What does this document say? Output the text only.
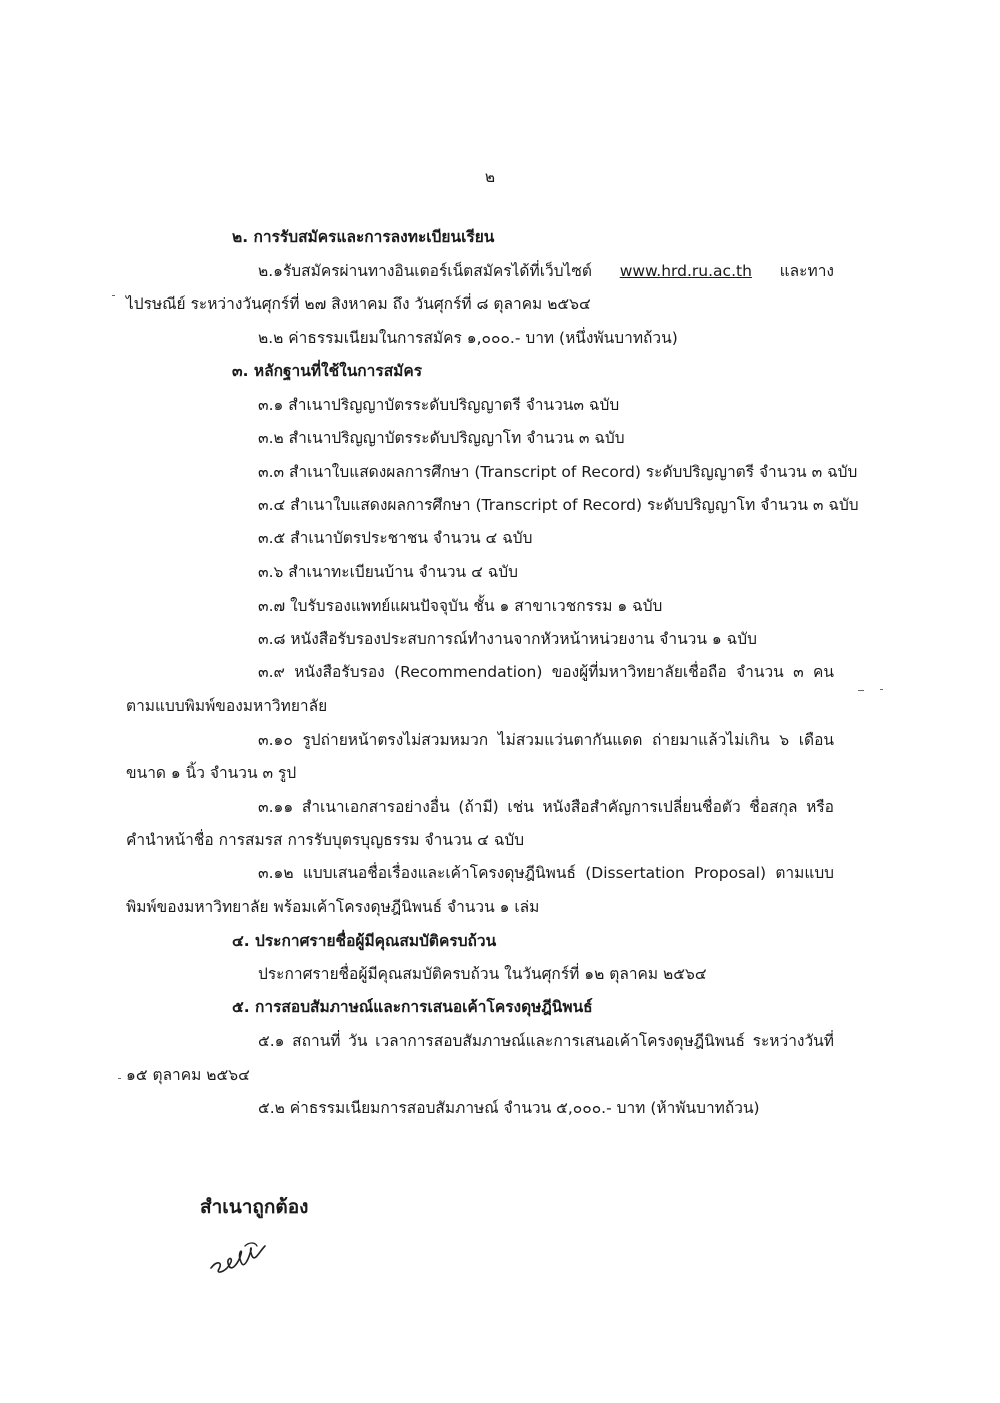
๒
๒. การรับสมัครและการลงทะเบียนเรียน
๒.๑รับสมัครผ่านทางอินเตอร์เน็ตสมัครได้ที่เว็บไซต์ www.hrd.ru.ac.th และทาง
ไปรษณีย์ ระหว่างวันศุกร์ที่ ๒๗ สิงหาคม ถึง วันศุกร์ที่ ๘ ตุลาคม ๒๕๖๔
๒.๒ ค่าธรรมเนียมในการสมัคร ๑,๐๐๐.- บาท (หนึ่งพันบาทถ้วน)
๓. หลักฐานที่ใช้ในการสมัคร
๓.๑ สำเนาปริญญาบัตรระดับปริญญาตรี จำนวน๓ ฉบับ
๓.๒ สำเนาปริญญาบัตรระดับปริญญาโท จำนวน ๓ ฉบับ
๓.๓ สำเนาใบแสดงผลการศึกษา (Transcript of Record) ระดับปริญญาตรี จำนวน ๓ ฉบับ
๓.๔ สำเนาใบแสดงผลการศึกษา (Transcript of Record) ระดับปริญญาโท จำนวน ๓ ฉบับ
๓.๕ สำเนาบัตรประชาชน จำนวน ๔ ฉบับ
๓.๖ สำเนาทะเบียนบ้าน จำนวน ๔ ฉบับ
๓.๗ ใบรับรองแพทย์แผนปัจจุบัน ชั้น ๑ สาขาเวชกรรม ๑ ฉบับ
๓.๘ หนังสือรับรองประสบการณ์ทำงานจากหัวหน้าหน่วยงาน จำนวน ๑ ฉบับ
๓.๙ หนังสือรับรอง (Recommendation) ของผู้ที่มหาวิทยาลัยเชื่อถือ จำนวน ๓ คน
ตามแบบพิมพ์ของมหาวิทยาลัย
๓.๑๐ รูปถ่ายหน้าตรงไม่สวมหมวก ไม่สวมแว่นตากันแดด ถ่ายมาแล้วไม่เกิน ๖ เดือน
ขนาด ๑ นิ้ว จำนวน ๓ รูป
๓.๑๑ สำเนาเอกสารอย่างอื่น (ถ้ามี) เช่น หนังสือสำคัญการเปลี่ยนชื่อตัว ชื่อสกุล หรือ
คำนำหน้าชื่อ การสมรส การรับบุตรบุญธรรม จำนวน ๔ ฉบับ
๓.๑๒ แบบเสนอชื่อเรื่องและเค้าโครงดุษฎีนิพนธ์ (Dissertation Proposal) ตามแบบ
พิมพ์ของมหาวิทยาลัย พร้อมเค้าโครงดุษฎีนิพนธ์ จำนวน ๑ เล่ม
๔. ประกาศรายชื่อผู้มีคุณสมบัติครบถ้วน
ประกาศรายชื่อผู้มีคุณสมบัติครบถ้วน ในวันศุกร์ที่ ๑๒ ตุลาคม ๒๕๖๔
๕. การสอบสัมภาษณ์และการเสนอเค้าโครงดุษฎีนิพนธ์
๕.๑ สถานที่ วัน เวลาการสอบสัมภาษณ์และการเสนอเค้าโครงดุษฎีนิพนธ์ ระหว่างวันที่
๑๕ ตุลาคม ๒๕๖๔
๕.๒ ค่าธรรมเนียมการสอบสัมภาษณ์ จำนวน ๕,๐๐๐.- บาท (ห้าพันบาทถ้วน)
สำเนาถูกต้อง
